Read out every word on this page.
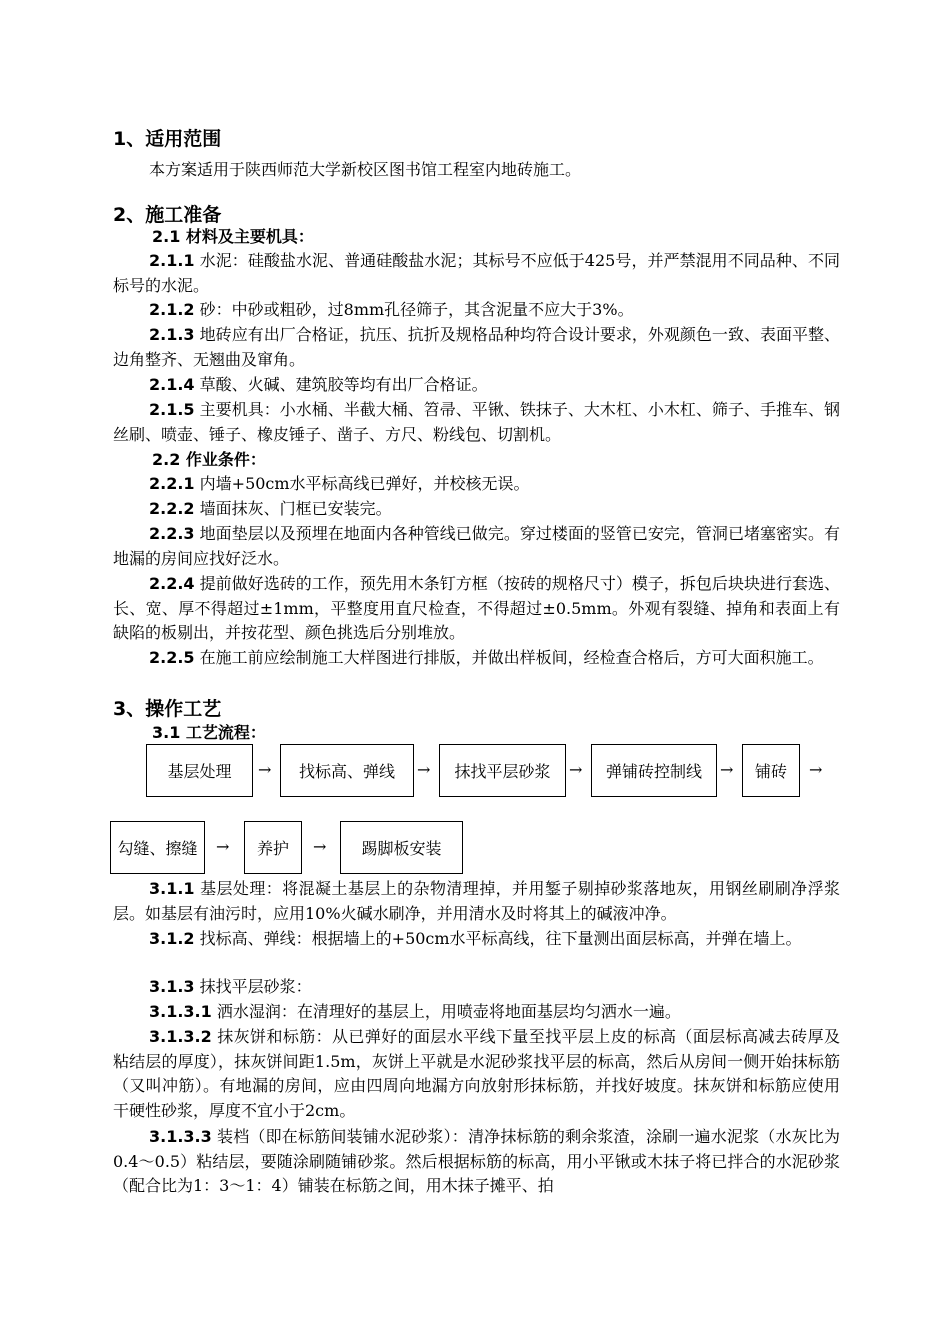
1、适用范围

本方案适用于陕西师范大学新校区图书馆工程室内地砖施工。

2、施工准备
2.1 材料及主要机具：

2.1.1 水泥：硅酸盐水泥、普通硅酸盐水泥；其标号不应低于425号，并严禁混用不同品种、不同标号的水泥。

2.1.2 砂：中砂或粗砂，过8mm孔径筛子，其含泥量不应大于3%。

2.1.3 地砖应有出厂合格证，抗压、抗折及规格品种均符合设计要求，外观颜色一致、表面平整、边角整齐、无翘曲及窜角。

2.1.4 草酸、火碱、建筑胶等均有出厂合格证。

2.1.5 主要机具：小水桶、半截大桶、笤帚、平锹、铁抹子、大木杠、小木杠、筛子、手推车、钢丝刷、喷壶、锤子、橡皮锤子、凿子、方尺、粉线包、切割机。

2.2 作业条件：

2.2.1 内墙+50cm水平标高线已弹好，并校核无误。

2.2.2 墙面抹灰、门框已安装完。

2.2.3 地面垫层以及预埋在地面内各种管线已做完。穿过楼面的竖管已安完，管洞已堵塞密实。有地漏的房间应找好泛水。

2.2.4 提前做好选砖的工作，预先用木条钉方框（按砖的规格尺寸）模子，拆包后块块进行套选、长、宽、厚不得超过±1mm，平整度用直尺检查，不得超过±0.5mm。外观有裂缝、掉角和表面上有缺陷的板剔出，并按花型、颜色挑选后分别堆放。

2.2.5 在施工前应绘制施工大样图进行排版，并做出样板间，经检查合格后，方可大面积施工。

3、操作工艺
3.1 工艺流程：
基层处理	→	找标高、弹线	→	抹找平层砂浆	→	弹铺砖控制线	→	铺砖	→
勾缝、擦缝	→	养护	→	踢脚板安装

3.1.1 基层处理：将混凝土基层上的杂物清理掉，并用錾子剔掉砂浆落地灰，用钢丝刷刷净浮浆层。如基层有油污时，应用10%火碱水刷净，并用清水及时将其上的碱液冲净。

3.1.2 找标高、弹线：根据墙上的+50cm水平标高线，往下量测出面层标高，并弹在墙上。

3.1.3 抹找平层砂浆：

3.1.3.1 洒水湿润：在清理好的基层上，用喷壶将地面基层均匀洒水一遍。

3.1.3.2 抹灰饼和标筋：从已弹好的面层水平线下量至找平层上皮的标高（面层标高减去砖厚及粘结层的厚度），抹灰饼间距1.5m，灰饼上平就是水泥砂浆找平层的标高，然后从房间一侧开始抹标筋（又叫冲筋）。有地漏的房间，应由四周向地漏方向放射形抹标筋，并找好坡度。抹灰饼和标筋应使用干硬性砂浆，厚度不宜小于2cm。

3.1.3.3 装档（即在标筋间装铺水泥砂浆）：清净抹标筋的剩余浆渣，涂刷一遍水泥浆（水灰比为0.4～0.5）粘结层，要随涂刷随铺砂浆。然后根据标筋的标高，用小平锹或木抹子将已拌合的水泥砂浆（配合比为1：3～1：4）铺装在标筋之间，用木抹子摊平、拍
